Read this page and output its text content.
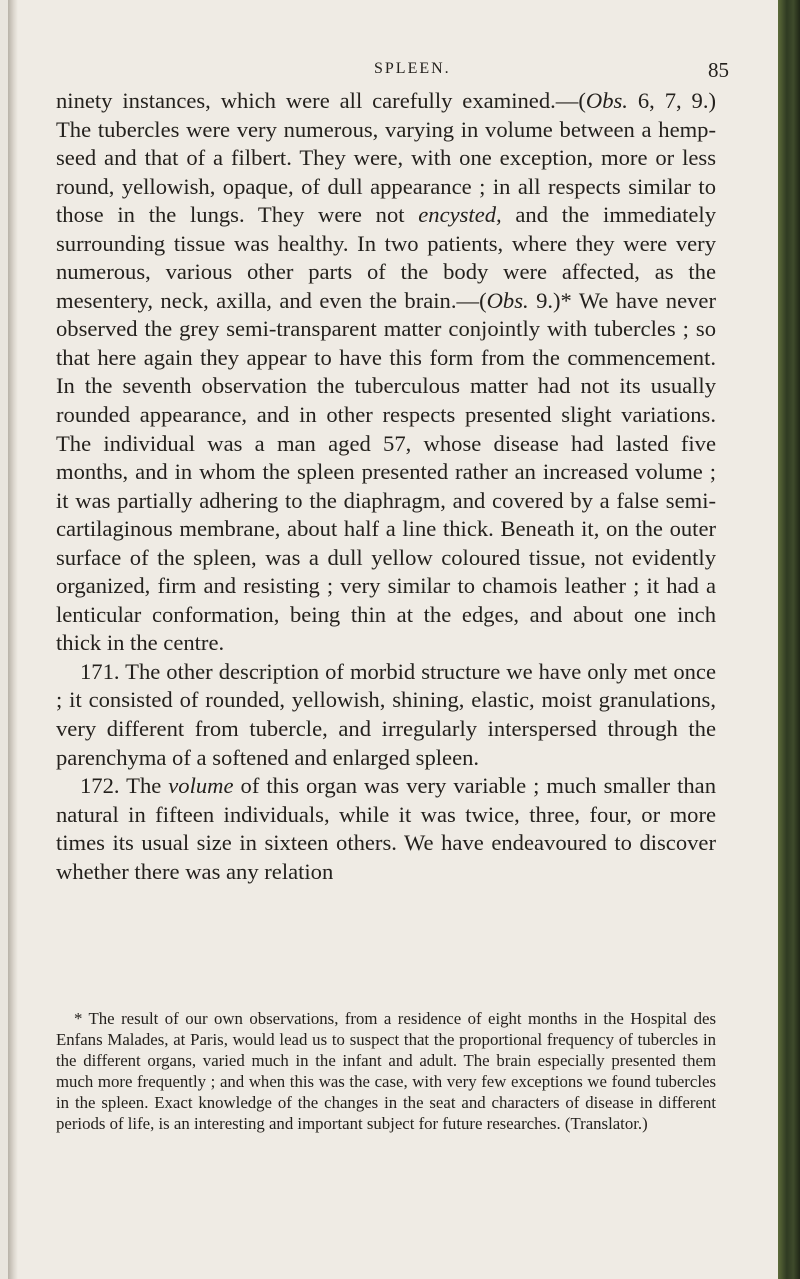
SPLEEN.	85

ninety instances, which were all carefully examined.—(Obs. 6, 7, 9.) The tubercles were very numerous, varying in volume between a hemp-seed and that of a filbert. They were, with one exception, more or less round, yellowish, opaque, of dull appearance ; in all respects similar to those in the lungs. They were not encysted, and the immediately surrounding tissue was healthy. In two patients, where they were very numerous, various other parts of the body were affected, as the mesentery, neck, axilla, and even the brain.—(Obs. 9.)* We have never observed the grey semi-transparent matter conjointly with tubercles ; so that here again they appear to have this form from the commencement. In the seventh observation the tuberculous matter had not its usually rounded appearance, and in other respects presented slight variations. The individual was a man aged 57, whose disease had lasted five months, and in whom the spleen presented rather an increased volume ; it was partially adhering to the diaphragm, and covered by a false semi-cartilaginous membrane, about half a line thick. Beneath it, on the outer surface of the spleen, was a dull yellow coloured tissue, not evidently organized, firm and resisting ; very similar to chamois leather ; it had a lenticular conformation, being thin at the edges, and about one inch thick in the centre.

171. The other description of morbid structure we have only met once ; it consisted of rounded, yellowish, shining, elastic, moist granulations, very different from tubercle, and irregularly interspersed through the parenchyma of a softened and enlarged spleen.

172. The volume of this organ was very variable ; much smaller than natural in fifteen individuals, while it was twice, three, four, or more times its usual size in sixteen others. We have endeavoured to discover whether there was any relation

* The result of our own observations, from a residence of eight months in the Hospital des Enfans Malades, at Paris, would lead us to suspect that the proportional frequency of tubercles in the different organs, varied much in the infant and adult. The brain especially presented them much more frequently ; and when this was the case, with very few exceptions we found tubercles in the spleen. Exact knowledge of the changes in the seat and characters of disease in different periods of life, is an interesting and important subject for future researches. (Translator.)
